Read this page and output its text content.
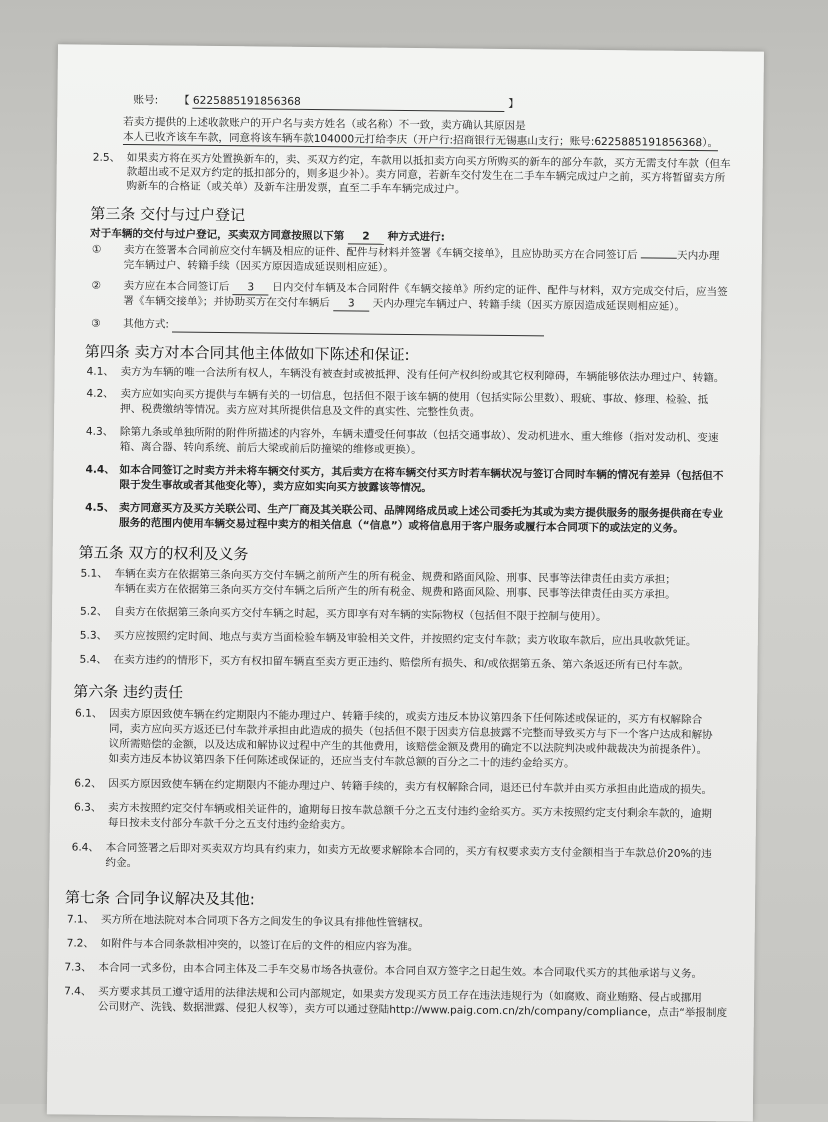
账号: 【 6225885191856368	】
若卖方提供的上述收款账户的开户名与卖方姓名（或名称）不一致，卖方确认其原因是
本人已收齐该车车款，同意将该车辆车款104000元打给李庆（开户行:招商银行无锡惠山支行；账号:6225885191856368）。
2.5、 如果卖方将在买方处置换新车的，卖、买双方约定，车款用以抵扣卖方向买方所购买的新车的部分车款，买方无需支付车款（但车
款超出或不足双方约定的抵扣部分的，则多退少补）。卖方同意，若新车交付发生在二手车车辆完成过户之前，买方将暂留卖方所
购新车的合格证（或关单）及新车注册发票，直至二手车车辆完成过户。
第三条 交付与过户登记
对于车辆的交付与过户登记，买卖双方同意按照以下第 2 种方式进行:
① 卖方在签署本合同前应交付车辆及相应的证件、配件与材料并签署《车辆交接单》，且应协助买方在合同签订后	天内办理
完车辆过户、转籍手续（因买方原因造成延误则相应延）。
② 卖方应在本合同签订后 3 日内交付车辆及本合同附件《车辆交接单》所约定的证件、配件与材料，双方完成交付后，应当签
署《车辆交接单》；并协助买方在交付车辆后 3 天内办理完车辆过户、转籍手续（因买方原因造成延误则相应延）。
③ 其他方式:
第四条 卖方对本合同其他主体做如下陈述和保证:
4.1、 卖方为车辆的唯一合法所有权人，车辆没有被查封或被抵押、没有任何产权纠纷或其它权利障碍，车辆能够依法办理过户、转籍。
4.2、 卖方应如实向买方提供与车辆有关的一切信息，包括但不限于该车辆的使用（包括实际公里数）、瑕疵、事故、修理、检验、抵
押、税费缴纳等情况。卖方应对其所提供信息及文件的真实性、完整性负责。
4.3、 除第九条或单独所附的附件所描述的内容外，车辆未遭受任何事故（包括交通事故）、发动机进水、重大维修（指对发动机、变速
箱、离合器、转向系统、前后大梁或前后防撞梁的维修或更换）。
4.4、 如本合同签订之时卖方并未将车辆交付买方，其后卖方在将车辆交付买方时若车辆状况与签订合同时车辆的情况有差异（包括但不
限于发生事故或者其他变化等），卖方应如实向买方披露该等情况。
4.5、 卖方同意买方及买方关联公司、生产厂商及其关联公司、品牌网络成员或上述公司委托为其或为卖方提供服务的服务提供商在专业
服务的范围内使用车辆交易过程中卖方的相关信息（“信息”）或将信息用于客户服务或履行本合同项下的或法定的义务。
第五条 双方的权利及义务
5.1、 车辆在卖方在依据第三条向买方交付车辆之前所产生的所有税金、规费和路面风险、刑事、民事等法律责任由卖方承担；
车辆在卖方在依据第三条向买方交付车辆之后所产生的所有税金、规费和路面风险、刑事、民事等法律责任由买方承担。
5.2、 自卖方在依据第三条向买方交付车辆之时起，买方即享有对车辆的实际物权（包括但不限于控制与使用）。
5.3、 买方应按照约定时间、地点与卖方当面检验车辆及审验相关文件，并按照约定支付车款；卖方收取车款后，应出具收款凭证。
5.4、 在卖方违约的情形下，买方有权扣留车辆直至卖方更正违约、赔偿所有损失、和/或依据第五条、第六条返还所有已付车款。
第六条 违约责任
6.1、 因卖方原因致使车辆在约定期限内不能办理过户、转籍手续的，或卖方违反本协议第四条下任何陈述或保证的，买方有权解除合
同，卖方应向买方返还已付车款并承担由此造成的损失（包括但不限于因卖方信息披露不完整而导致买方与下一个客户达成和解协
议所需赔偿的金额，以及达成和解协议过程中产生的其他费用，该赔偿金额及费用的确定不以法院判决或仲裁裁决为前提条件）。
如卖方违反本协议第四条下任何陈述或保证的，还应当支付车款总额的百分之二十的违约金给买方。
6.2、 因买方原因致使车辆在约定期限内不能办理过户、转籍手续的，卖方有权解除合同，退还已付车款并由买方承担由此造成的损失。
6.3、 卖方未按照约定交付车辆或相关证件的，逾期每日按车款总额千分之五支付违约金给买方。买方未按照约定支付剩余车款的，逾期
每日按未支付部分车款千分之五支付违约金给卖方。
6.4、 本合同签署之后即对买卖双方均具有约束力，如卖方无故要求解除本合同的，买方有权要求卖方支付金额相当于车款总价20%的违
约金。
第七条 合同争议解决及其他:
7.1、 买方所在地法院对本合同项下各方之间发生的争议具有排他性管辖权。
7.2、 如附件与本合同条款相冲突的，以签订在后的文件的相应内容为准。
7.3、 本合同一式多份，由本合同主体及二手车交易市场各执壹份。本合同自双方签字之日起生效。本合同取代买方的其他承诺与义务。
7.4、 买方要求其员工遵守适用的法律法规和公司内部规定，如果卖方发现买方员工存在违法违规行为（如腐败、商业贿赂、侵占或挪用
公司财产、洗钱、数据泄露、侵犯人权等），卖方可以通过登陆http://www.paig.com.cn/zh/company/compliance，点击“举报制度
